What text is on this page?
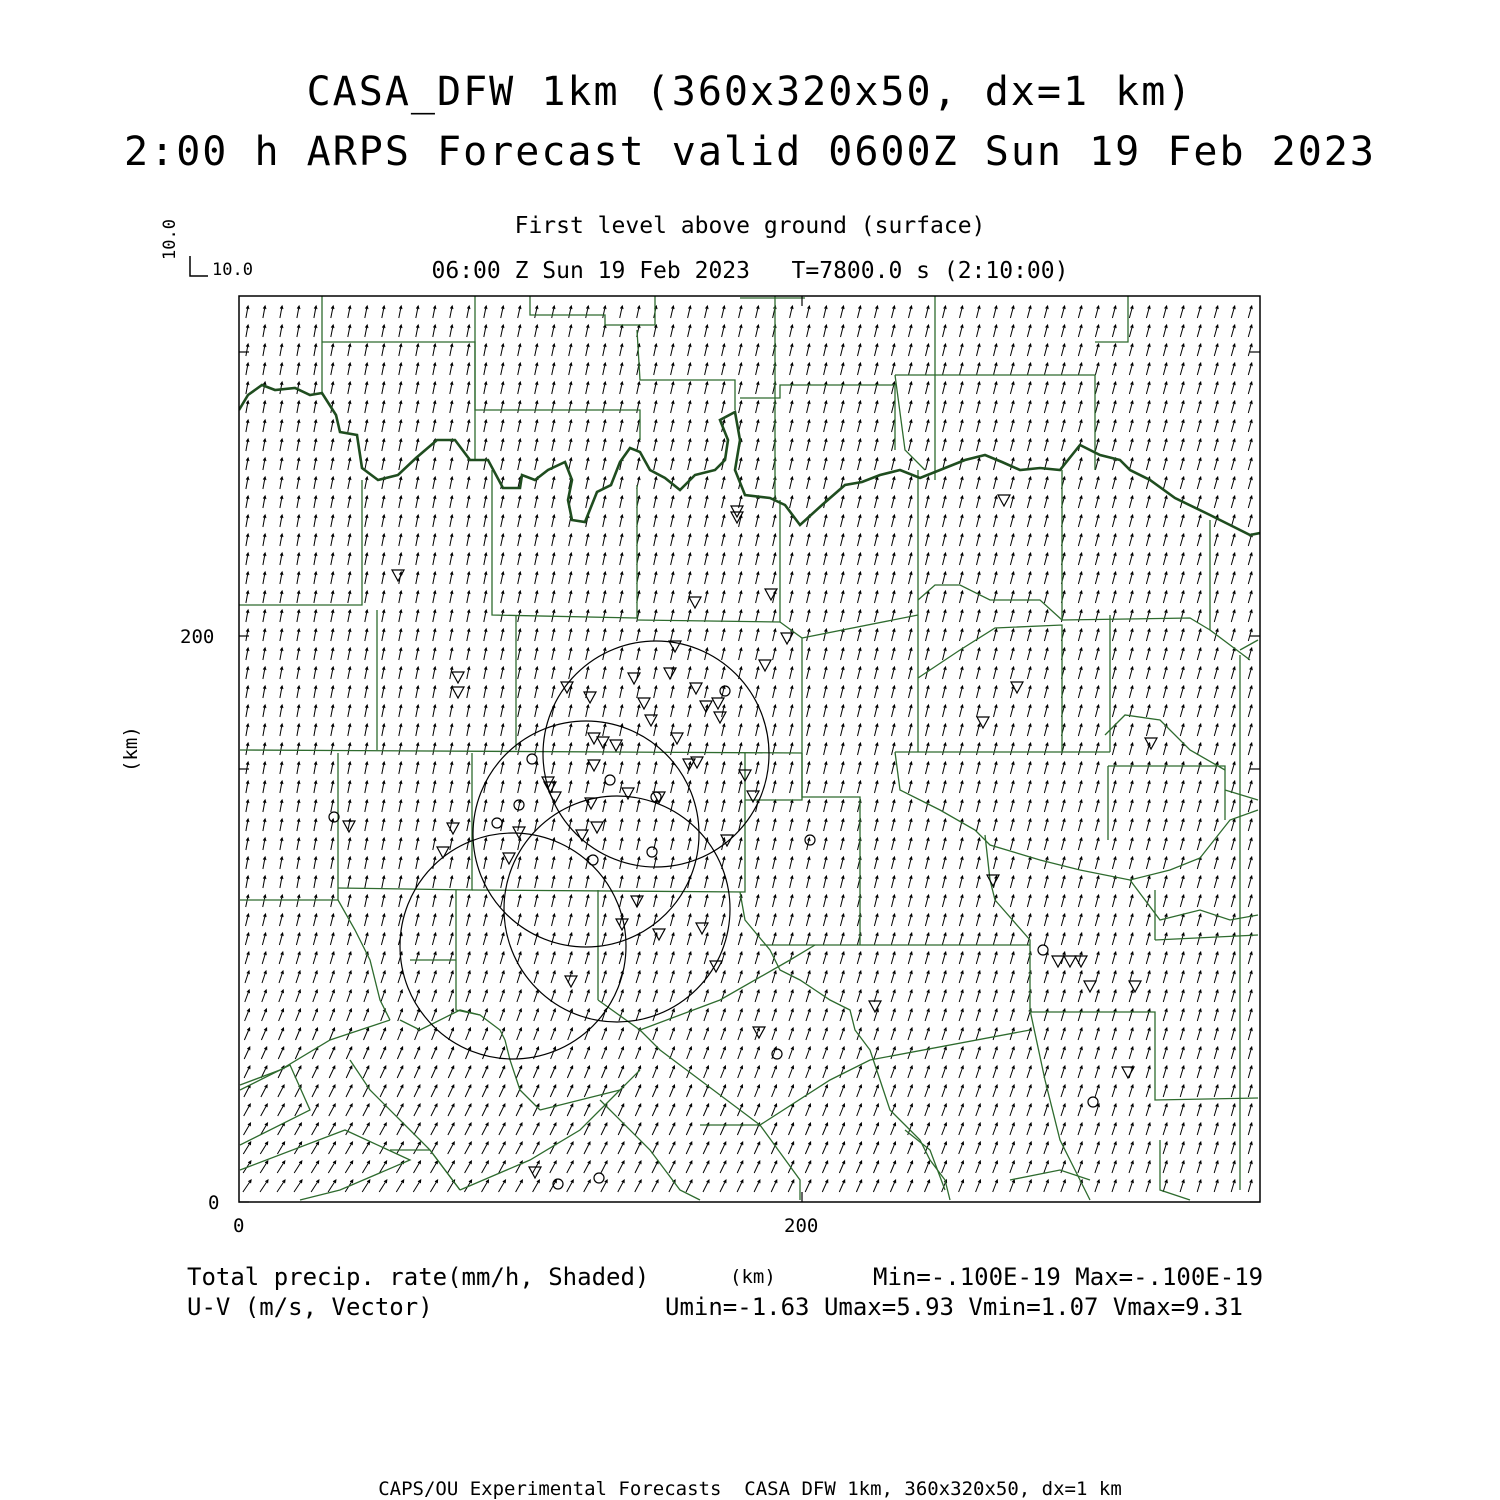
CASA_DFW 1km (360x320x50, dx=1 km)
2:00 h ARPS Forecast valid 0600Z Sun 19 Feb 2023
First level above ground (surface)
06:00 Z Sun 19 Feb 2023   T=7800.0 s (2:10:00)
10.0
10.0
0	200
0
200
(km)
(km)
Total precip. rate(mm/h, Shaded)
U-V (m/s, Vector)
Min=-.100E-19 Max=-.100E-19
Umin=-1.63 Umax=5.93 Vmin=1.07 Vmax=9.31
CAPS/OU Experimental Forecasts  CASA DFW 1km, 360x320x50, dx=1 km
